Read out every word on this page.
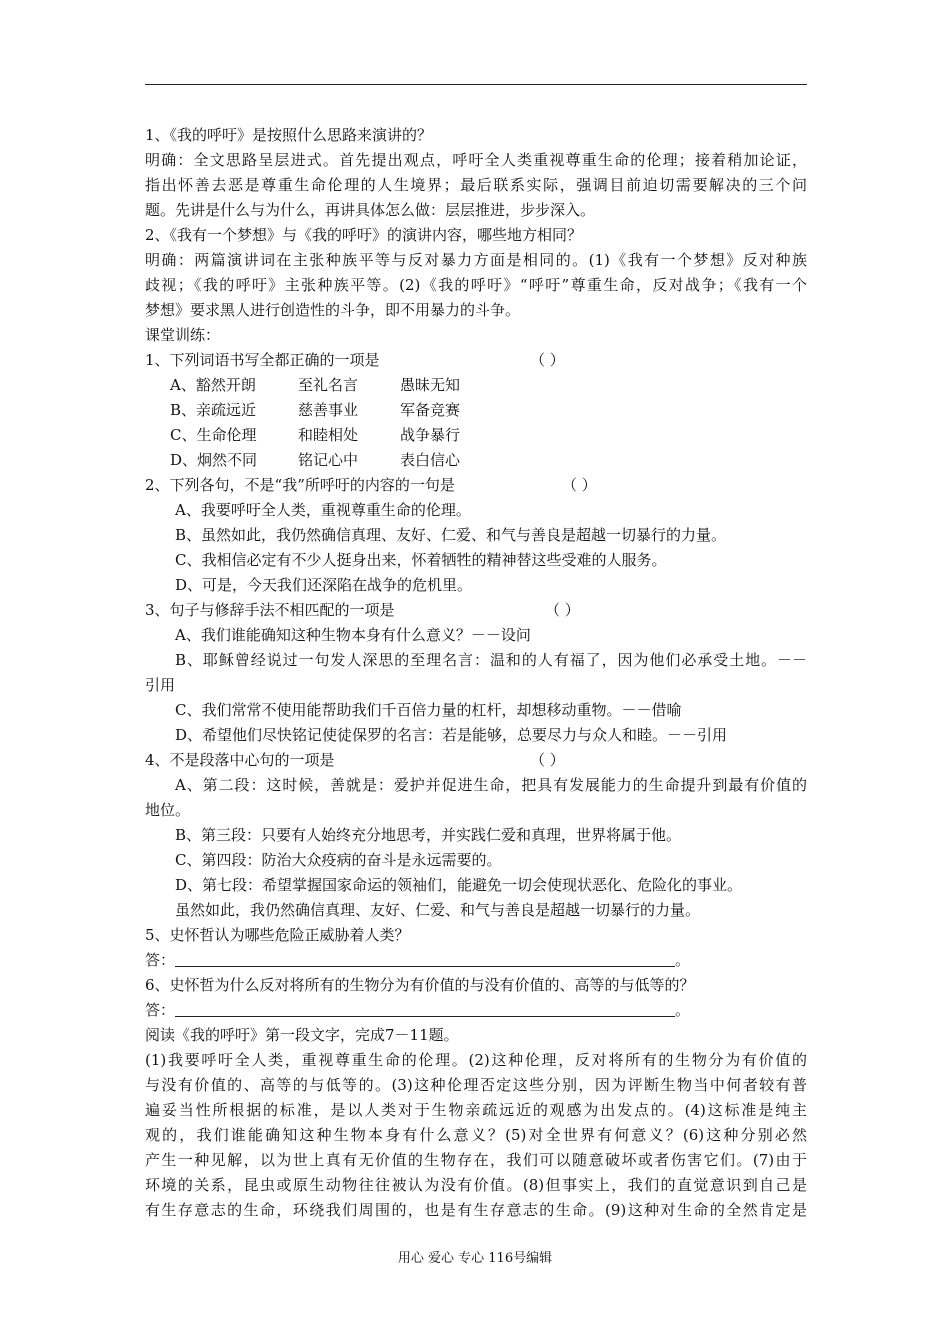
1、《我的呼吁》是按照什么思路来演讲的？
明确：全文思路呈层进式。首先提出观点，呼吁全人类重视尊重生命的伦理；接着稍加论证，
指出怀善去恶是尊重生命伦理的人生境界；最后联系实际，强调目前迫切需要解决的三个问
题。先讲是什么与为什么，再讲具体怎么做：层层推进，步步深入。
2、《我有一个梦想》与《我的呼吁》的演讲内容，哪些地方相同？
明确：两篇演讲词在主张种族平等与反对暴力方面是相同的。(1)《我有一个梦想》反对种族
歧视；《我的呼吁》主张种族平等。(2)《我的呼吁》“呼吁”尊重生命，反对战争；《我有一个
梦想》要求黑人进行创造性的斗争，即不用暴力的斗争。
课堂训练：
1、下列词语书写全都正确的一项是	（ ）
A、豁然开朗	至礼名言	愚昧无知
B、亲疏远近	慈善事业	军备竞赛
C、生命伦理	和睦相处	战争暴行
D、炯然不同	铭记心中	表白信心
2、下列各句，不是“我”所呼吁的内容的一句是	（ ）
A、我要呼吁全人类，重视尊重生命的伦理。
B、虽然如此，我仍然确信真理、友好、仁爱、和气与善良是超越一切暴行的力量。
C、我相信必定有不少人挺身出来，怀着牺牲的精神替这些受难的人服务。
D、可是，今天我们还深陷在战争的危机里。
3、句子与修辞手法不相匹配的一项是	（ ）
A、我们谁能确知这种生物本身有什么意义？－－设问
B、耶稣曾经说过一句发人深思的至理名言：温和的人有福了，因为他们必承受土地。－－
引用
C、我们常常不使用能帮助我们千百倍力量的杠杆，却想移动重物。－－借喻
D、希望他们尽快铭记使徒保罗的名言：若是能够，总要尽力与众人和睦。－－引用
4、不是段落中心句的一项是	（ ）
A、第二段：这时候，善就是：爱护并促进生命，把具有发展能力的生命提升到最有价值的
地位。
B、第三段：只要有人始终充分地思考，并实践仁爱和真理，世界将属于他。
C、第四段：防治大众疫病的奋斗是永远需要的。
D、第七段：希望掌握国家命运的领袖们，能避免一切会使现状恶化、危险化的事业。
虽然如此，我仍然确信真理、友好、仁爱、和气与善良是超越一切暴行的力量。
5、史怀哲认为哪些危险正威胁着人类？
答：	。
6、史怀哲为什么反对将所有的生物分为有价值的与没有价值的、高等的与低等的？
答：	。
阅读《我的呼吁》第一段文字，完成7－11题。
(1)我要呼吁全人类，重视尊重生命的伦理。(2)这种伦理，反对将所有的生物分为有价值的
与没有价值的、高等的与低等的。(3)这种伦理否定这些分别，因为评断生物当中何者较有普
遍妥当性所根据的标准，是以人类对于生物亲疏远近的观感为出发点的。(4)这标准是纯主
观的，我们谁能确知这种生物本身有什么意义？(5)对全世界有何意义？(6)这种分别必然
产生一种见解，以为世上真有无价值的生物存在，我们可以随意破坏或者伤害它们。(7)由于
环境的关系，昆虫或原生动物往往被认为没有价值。(8)但事实上，我们的直觉意识到自己是
有生存意志的生命，环绕我们周围的，也是有生存意志的生命。(9)这种对生命的全然肯定是
用心 爱心 专心 116号编辑
